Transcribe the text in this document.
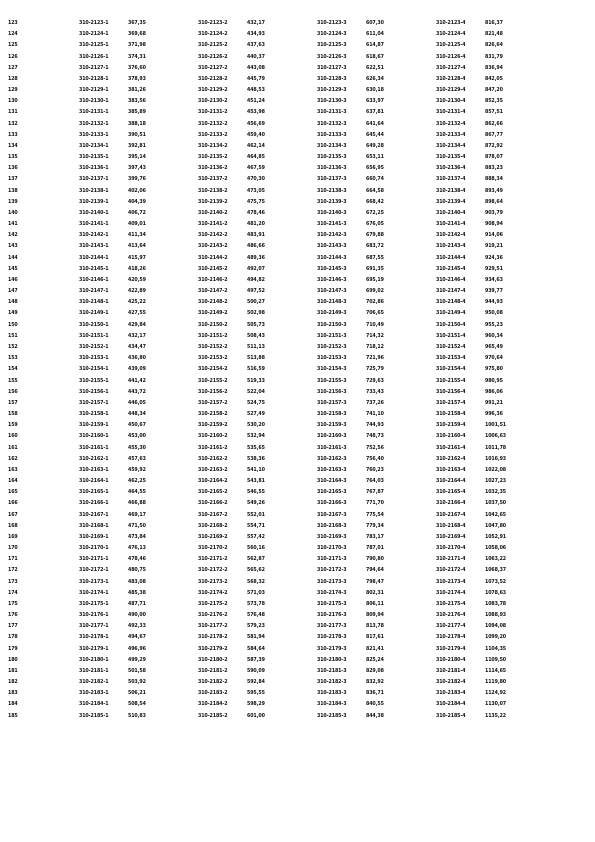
123	310-2123-1	367,35	310-2123-2	432,17	310-2123-3	607,30	310-2123-4	816,37
124	310-2124-1	369,68	310-2124-2	434,93	310-2124-3	611,04	310-2124-4	821,48
125	310-2125-1	371,98	310-2125-2	437,63	310-2125-3	614,87	310-2125-4	826,64
126	310-2126-1	374,31	310-2126-2	440,37	310-2126-3	618,67	310-2126-4	831,79
127	310-2127-1	376,60	310-2127-2	443,08	310-2127-3	622,51	310-2127-4	836,94
128	310-2128-1	378,93	310-2128-2	445,79	310-2128-3	626,34	310-2128-4	842,05
129	310-2129-1	381,26	310-2129-2	448,53	310-2129-3	630,18	310-2129-4	847,20
130	310-2130-1	383,56	310-2130-2	451,24	310-2130-3	633,97	310-2130-4	852,35
131	310-2131-1	385,89	310-2131-2	453,98	310-2131-3	637,81	310-2131-4	857,51
132	310-2132-1	388,18	310-2132-2	456,69	310-2132-3	641,64	310-2132-4	862,66
133	310-2133-1	390,51	310-2133-2	459,40	310-2133-3	645,44	310-2133-4	867,77
134	310-2134-1	392,81	310-2134-2	462,14	310-2134-3	649,28	310-2134-4	872,92
135	310-2135-1	395,14	310-2135-2	464,85	310-2135-3	653,11	310-2135-4	878,07
136	310-2136-1	397,43	310-2136-2	467,59	310-2136-3	656,95	310-2136-4	883,23
137	310-2137-1	399,76	310-2137-2	470,30	310-2137-3	660,74	310-2137-4	888,34
138	310-2138-1	402,06	310-2138-2	473,05	310-2138-3	664,58	310-2138-4	893,49
139	310-2139-1	404,39	310-2139-2	475,75	310-2139-3	668,42	310-2139-4	898,64
140	310-2140-1	406,72	310-2140-2	478,46	310-2140-3	672,25	310-2140-4	903,79
141	310-2141-1	409,01	310-2141-2	481,20	310-2141-3	676,05	310-2141-4	908,94
142	310-2142-1	411,34	310-2142-2	483,91	310-2142-3	679,88	310-2142-4	914,06
143	310-2143-1	413,64	310-2143-2	486,66	310-2143-3	683,72	310-2143-4	919,21
144	310-2144-1	415,97	310-2144-2	489,36	310-2144-3	687,55	310-2144-4	924,36
145	310-2145-1	418,26	310-2145-2	492,07	310-2145-3	691,35	310-2145-4	929,51
146	310-2146-1	420,59	310-2146-2	494,82	310-2146-3	695,19	310-2146-4	934,63
147	310-2147-1	422,89	310-2147-2	497,52	310-2147-3	699,02	310-2147-4	939,77
148	310-2148-1	425,22	310-2148-2	500,27	310-2148-3	702,86	310-2148-4	944,93
149	310-2149-1	427,55	310-2149-2	502,98	310-2149-3	706,65	310-2149-4	950,08
150	310-2150-1	429,84	310-2150-2	505,73	310-2150-3	710,49	310-2150-4	955,23
151	310-2151-1	432,17	310-2151-2	508,43	310-2151-3	714,32	310-2151-4	960,34
152	310-2152-1	434,47	310-2152-2	511,13	310-2152-3	718,12	310-2152-4	965,49
153	310-2153-1	436,80	310-2153-2	513,88	310-2153-3	721,96	310-2153-4	970,64
154	310-2154-1	439,09	310-2154-2	516,59	310-2154-3	725,79	310-2154-4	975,80
155	310-2155-1	441,42	310-2155-2	519,33	310-2155-3	729,63	310-2155-4	980,95
156	310-2156-1	443,72	310-2156-2	522,04	310-2156-3	733,43	310-2156-4	986,06
157	310-2157-1	446,05	310-2157-2	524,75	310-2157-3	737,26	310-2157-4	991,21
158	310-2158-1	448,34	310-2158-2	527,49	310-2158-3	741,10	310-2158-4	996,36
159	310-2159-1	450,67	310-2159-2	530,20	310-2159-3	744,93	310-2159-4	1001,51
160	310-2160-1	453,00	310-2160-2	532,94	310-2160-3	748,73	310-2160-4	1006,63
161	310-2161-1	455,30	310-2161-2	535,65	310-2161-3	752,56	310-2161-4	1011,78
162	310-2162-1	457,63	310-2162-2	538,36	310-2162-3	756,40	310-2162-4	1016,93
163	310-2163-1	459,92	310-2163-2	541,10	310-2163-3	760,23	310-2163-4	1022,08
164	310-2164-1	462,25	310-2164-2	543,81	310-2164-3	764,03	310-2164-4	1027,23
165	310-2165-1	464,55	310-2165-2	546,55	310-2165-3	767,87	310-2165-4	1032,35
166	310-2166-1	466,88	310-2166-2	549,26	310-2166-3	771,70	310-2166-4	1037,50
167	310-2167-1	469,17	310-2167-2	552,01	310-2167-3	775,54	310-2167-4	1042,65
168	310-2168-1	471,50	310-2168-2	554,71	310-2168-3	779,34	310-2168-4	1047,80
169	310-2169-1	473,84	310-2169-2	557,42	310-2169-3	783,17	310-2169-4	1052,91
170	310-2170-1	476,13	310-2170-2	560,16	310-2170-3	787,01	310-2170-4	1058,06
171	310-2171-1	478,46	310-2171-2	562,87	310-2171-3	790,80	310-2171-4	1063,22
172	310-2172-1	480,75	310-2172-2	565,62	310-2172-3	794,64	310-2172-4	1068,37
173	310-2173-1	483,08	310-2173-2	568,32	310-2173-3	798,47	310-2173-4	1073,52
174	310-2174-1	485,38	310-2174-2	571,03	310-2174-3	802,31	310-2174-4	1078,63
175	310-2175-1	487,71	310-2175-2	573,78	310-2175-3	806,11	310-2175-4	1083,78
176	310-2176-1	490,00	310-2176-2	576,48	310-2176-3	809,94	310-2176-4	1088,93
177	310-2177-1	492,33	310-2177-2	579,23	310-2177-3	813,78	310-2177-4	1094,08
178	310-2178-1	494,67	310-2178-2	581,94	310-2178-3	817,61	310-2178-4	1099,20
179	310-2179-1	496,96	310-2179-2	584,64	310-2179-3	821,41	310-2179-4	1104,35
180	310-2180-1	499,29	310-2180-2	587,39	310-2180-3	825,24	310-2180-4	1109,50
181	310-2181-1	501,58	310-2181-2	590,09	310-2181-3	829,08	310-2181-4	1114,65
182	310-2182-1	503,92	310-2182-2	592,84	310-2182-3	832,92	310-2182-4	1119,80
183	310-2183-1	506,21	310-2183-2	595,55	310-2183-3	836,71	310-2183-4	1124,92
184	310-2184-1	508,54	310-2184-2	598,29	310-2184-3	840,55	310-2184-4	1130,07
185	310-2185-1	510,83	310-2185-2	601,00	310-2185-3	844,38	310-2185-4	1135,22
